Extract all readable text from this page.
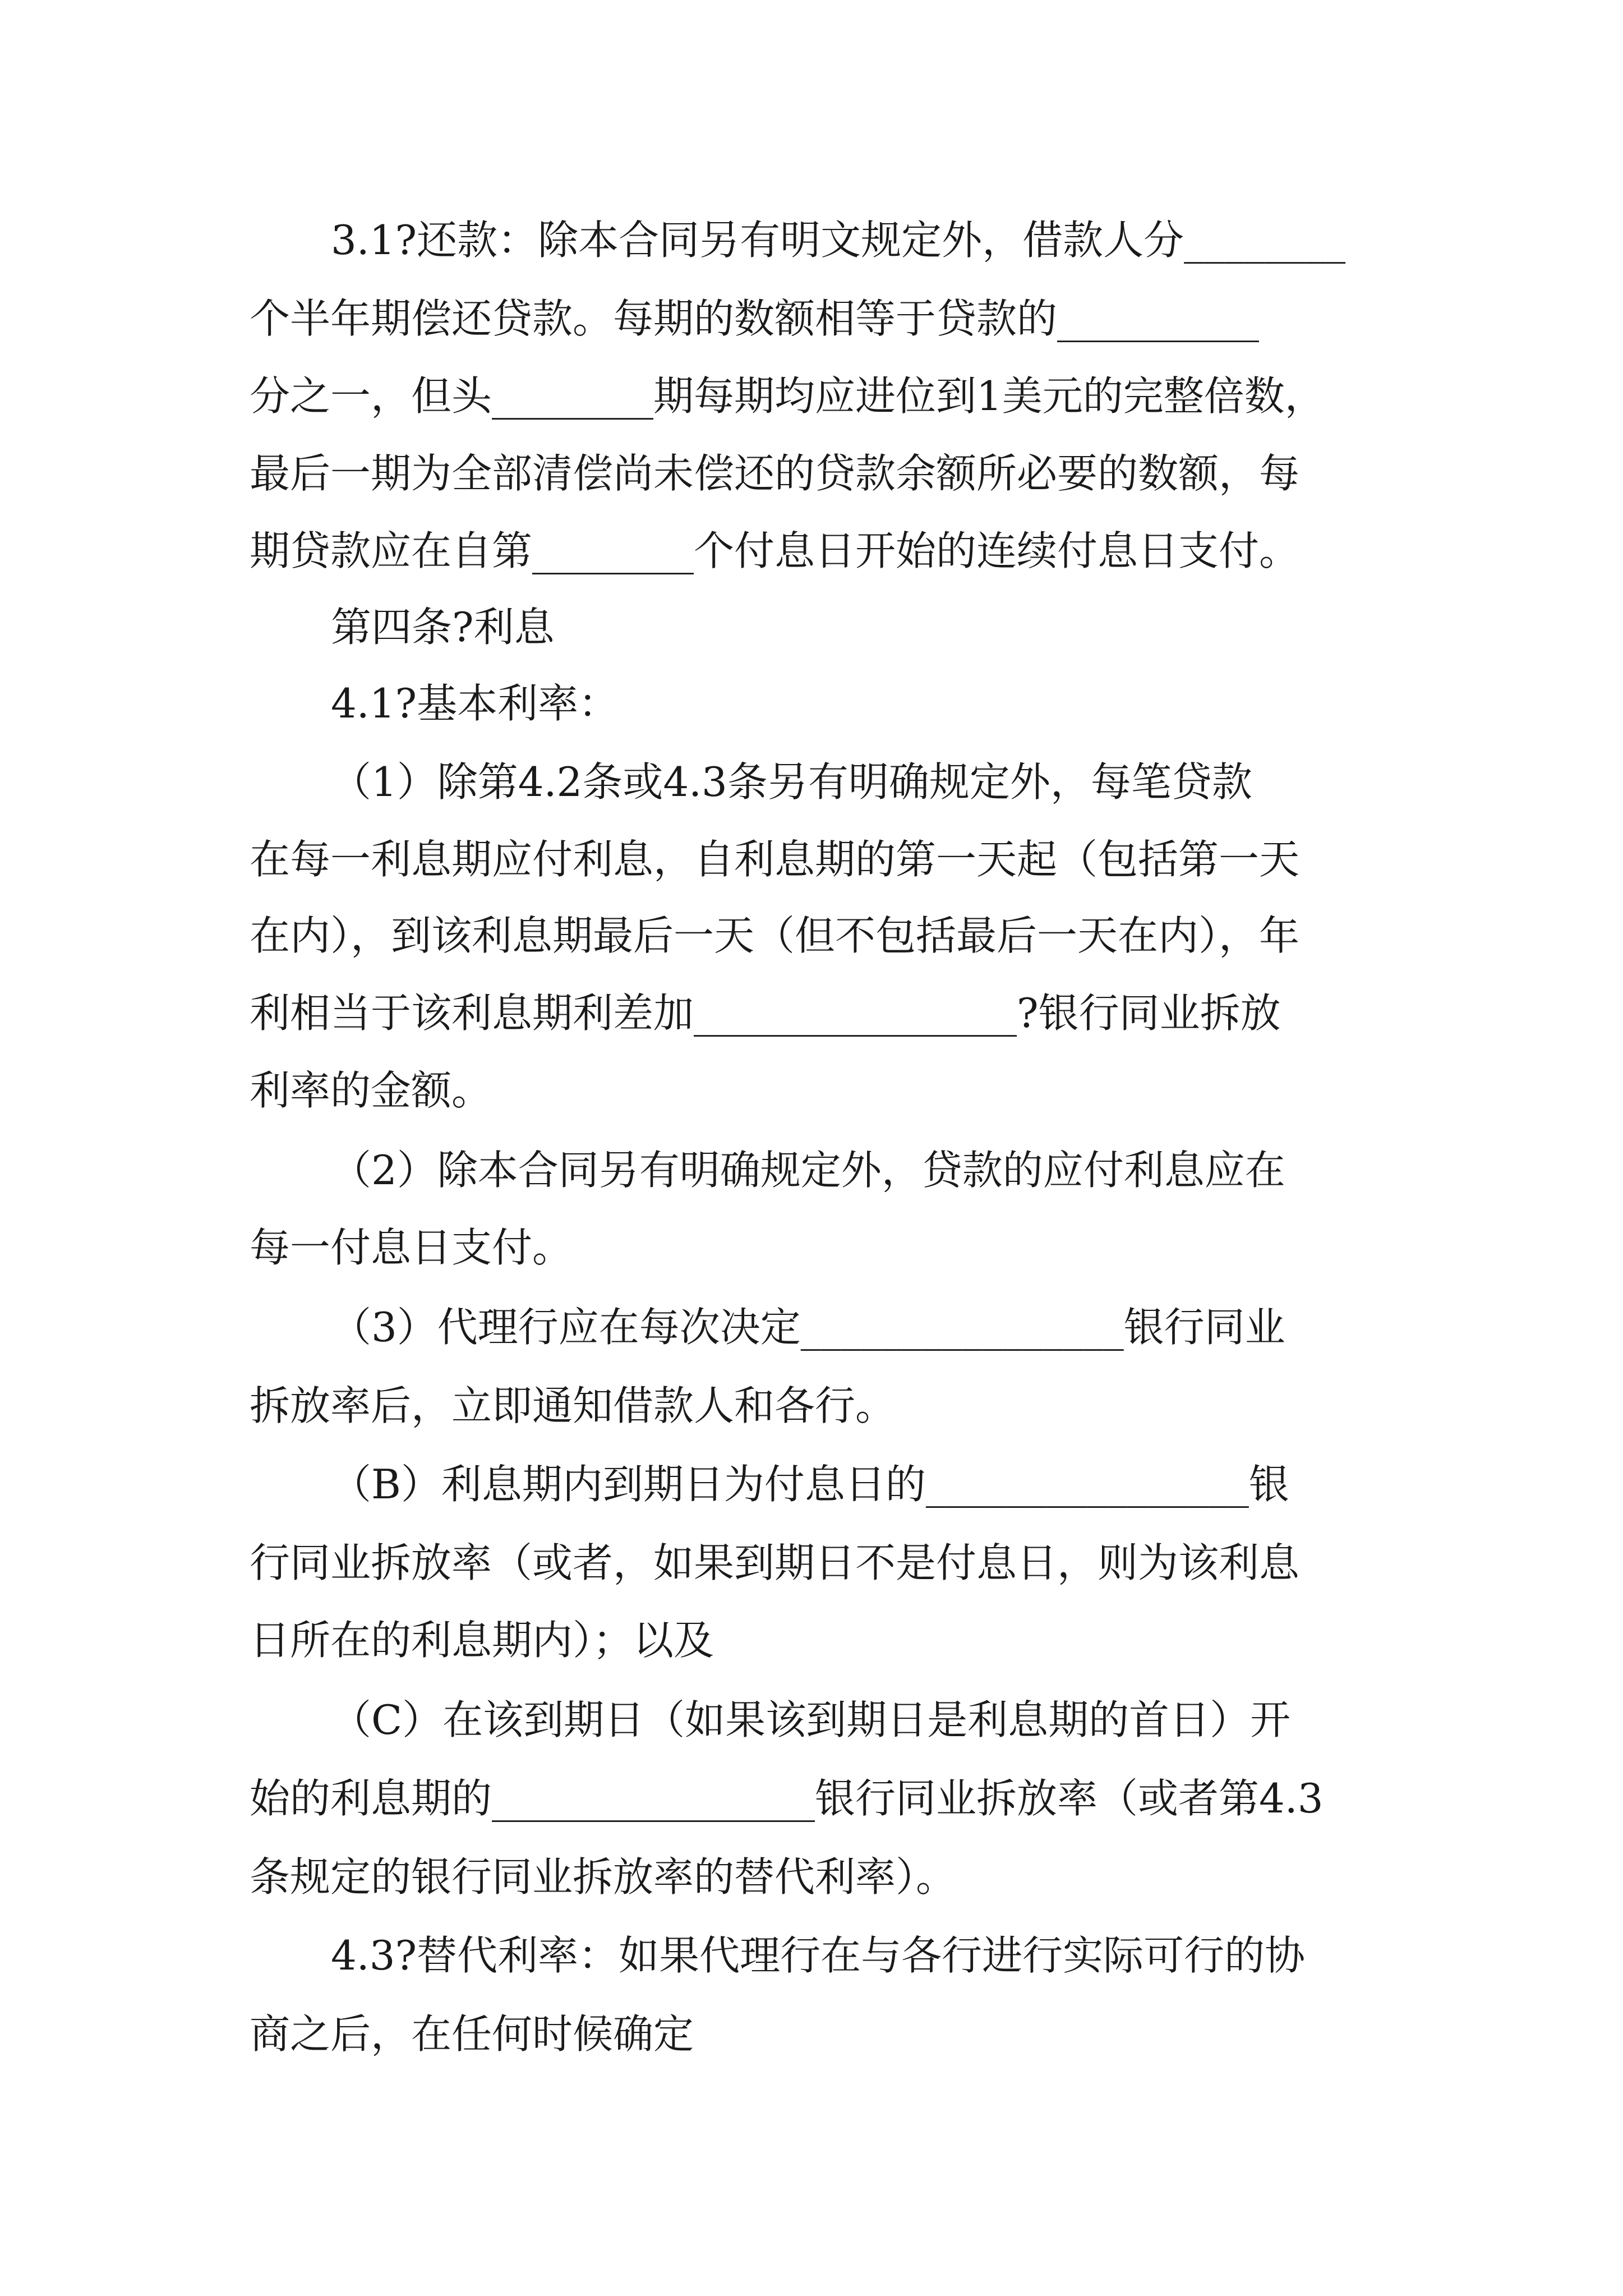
3.1?还款：除本合同另有明文规定外，借款人分________
个半年期偿还贷款。每期的数额相等于贷款的__________
分之一，但头________期每期均应进位到1美元的完整倍数，
最后一期为全部清偿尚未偿还的贷款余额所必要的数额，每
期贷款应在自第________个付息日开始的连续付息日支付。
第四条?利息
4.1?基本利率：
（1）除第4.2条或4.3条另有明确规定外，每笔贷款
在每一利息期应付利息，自利息期的第一天起（包括第一天
在内），到该利息期最后一天（但不包括最后一天在内），年
利相当于该利息期利差加________________?银行同业拆放
利率的金额。
（2）除本合同另有明确规定外，贷款的应付利息应在
每一付息日支付。
（3）代理行应在每次决定________________银行同业
拆放率后，立即通知借款人和各行。
（B）利息期内到期日为付息日的________________银
行同业拆放率（或者，如果到期日不是付息日，则为该利息
日所在的利息期内）；以及
（C）在该到期日（如果该到期日是利息期的首日）开
始的利息期的________________银行同业拆放率（或者第4.3
条规定的银行同业拆放率的替代利率）。
4.3?替代利率：如果代理行在与各行进行实际可行的协
商之后，在任何时候确定
